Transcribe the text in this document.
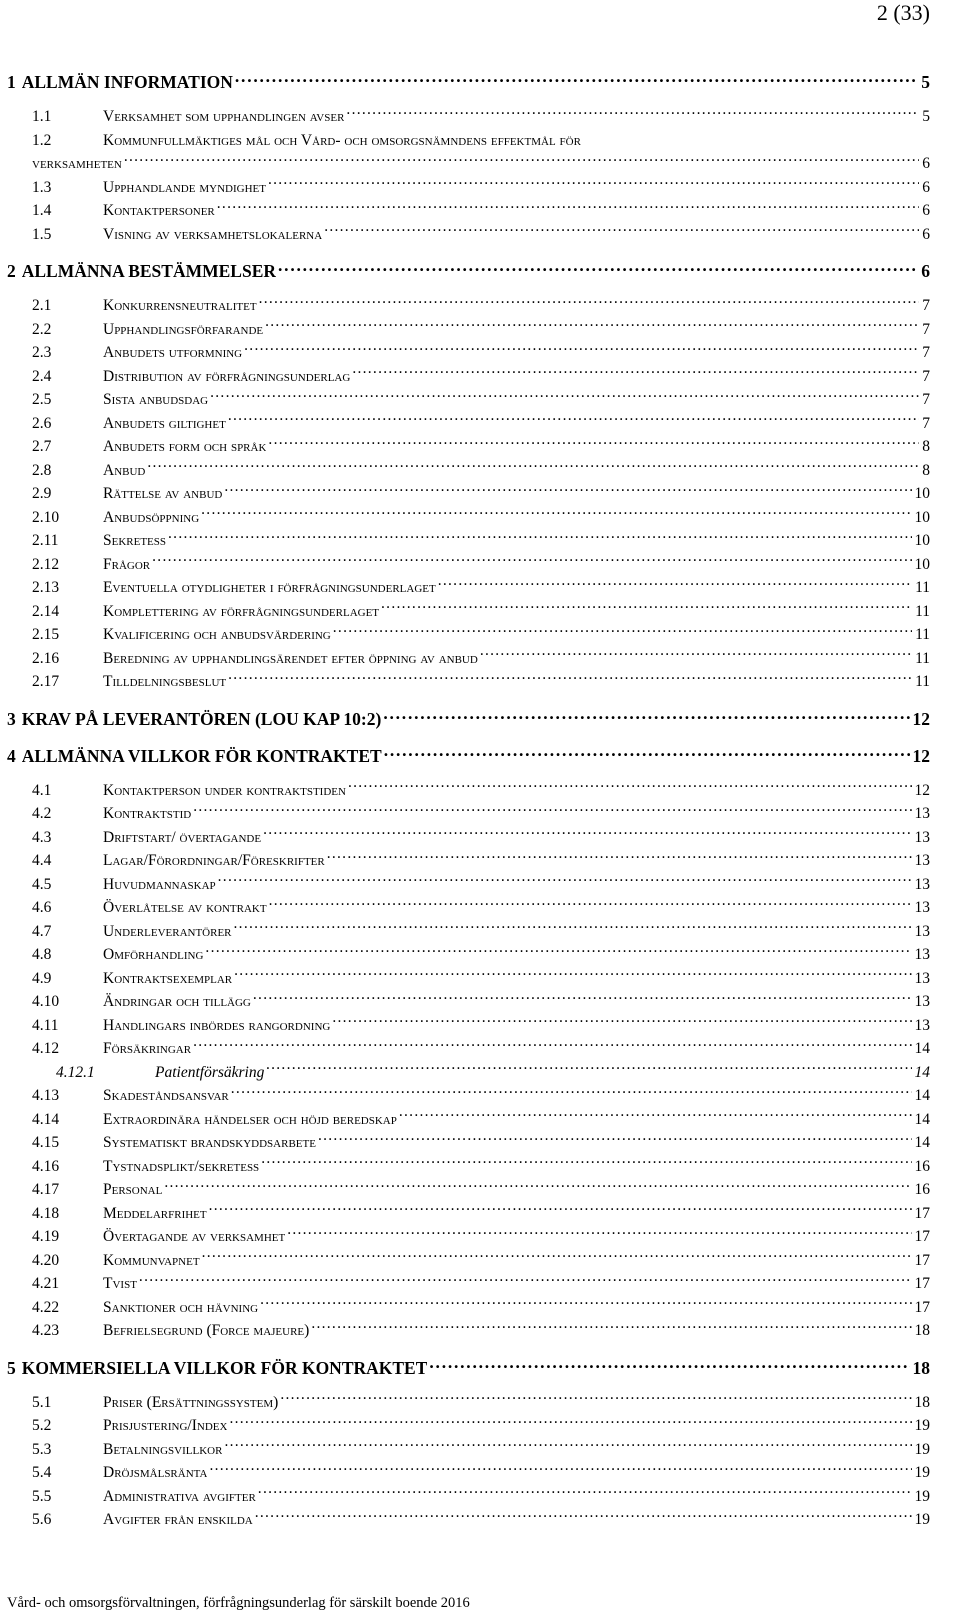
2 (33)
1 ALLMÄN INFORMATION . . .	5
1.1	Verksamhet som upphandlingen avser . . .	5
1.2	Kommunfullmäktiges mål och Vård- och omsorgsnämndens effektmål för
verksamheten . . .	6
1.3	Upphandlande myndighet . . .	6
1.4	Kontaktpersoner . . .	6
1.5	Visning av verksamhetslokalerna . . .	6
2 ALLMÄNNA BESTÄMMELSER . . .	6
2.1	Konkurrensneutralitet . . .	7
2.2	Upphandlingsförfarande . . .	7
2.3	Anbudets utformning . . .	7
2.4	Distribution av förfrågningsunderlag . . .	7
2.5	Sista anbudsdag . . .	7
2.6	Anbudets giltighet . . .	7
2.7	Anbudets form och språk . . .	8
2.8	Anbud . . .	8
2.9	Rättelse av anbud . . .	10
2.10	Anbudsöppning . . .	10
2.11	Sekretess . . .	10
2.12	Frågor . . .	10
2.13	Eventuella otydligheter i förfrågningsunderlaget . . .	11
2.14	Komplettering av förfrågningsunderlaget . . .	11
2.15	Kvalificering och anbudsvärdering . . .	11
2.16	Beredning av upphandlingsärendet efter öppning av anbud . . .	11
2.17	Tilldelningsbeslut . . .	11
3 KRAV PÅ LEVERANTÖREN (LOU KAP 10:2) . . .	12
4 ALLMÄNNA VILLKOR FÖR KONTRAKTET . . .	12
4.1	Kontaktperson under kontraktstiden . . .	12
4.2	Kontraktstid . . .	13
4.3	Driftstart/ övertagande . . .	13
4.4	Lagar/Förordningar/Föreskrifter . . .	13
4.5	Huvudmannaskap . . .	13
4.6	Överlåtelse av kontrakt . . .	13
4.7	Underleverantörer . . .	13
4.8	Omförhandling . . .	13
4.9	Kontraktsexemplar . . .	13
4.10	Ändringar och tillägg . . .	13
4.11	Handlingars inbördes rangordning . . .	13
4.12	Försäkringar . . .	14
4.12.1	Patientförsäkring . . .	14
4.13	Skadeståndsansvar . . .	14
4.14	Extraordinära händelser och höjd beredskap . . .	14
4.15	Systematiskt brandskyddsarbete . . .	14
4.16	Tystnadsplikt/sekretess . . .	16
4.17	Personal . . .	16
4.18	Meddelarfrihet . . .	17
4.19	Övertagande av verksamhet . . .	17
4.20	Kommunvapnet . . .	17
4.21	Tvist . . .	17
4.22	Sanktioner och hävning . . .	17
4.23	Befrielsegrund (Force majeure) . . .	18
5 KOMMERSIELLA VILLKOR FÖR KONTRAKTET . . .	18
5.1	Priser (Ersättningssystem) . . .	18
5.2	Prisjustering/Index . . .	19
5.3	Betalningsvillkor . . .	19
5.4	Dröjsmålsränta . . .	19
5.5	Administrativa avgifter . . .	19
5.6	Avgifter från enskilda . . .	19
Vård- och omsorgsförvaltningen, förfrågningsunderlag för särskilt boende 2016
